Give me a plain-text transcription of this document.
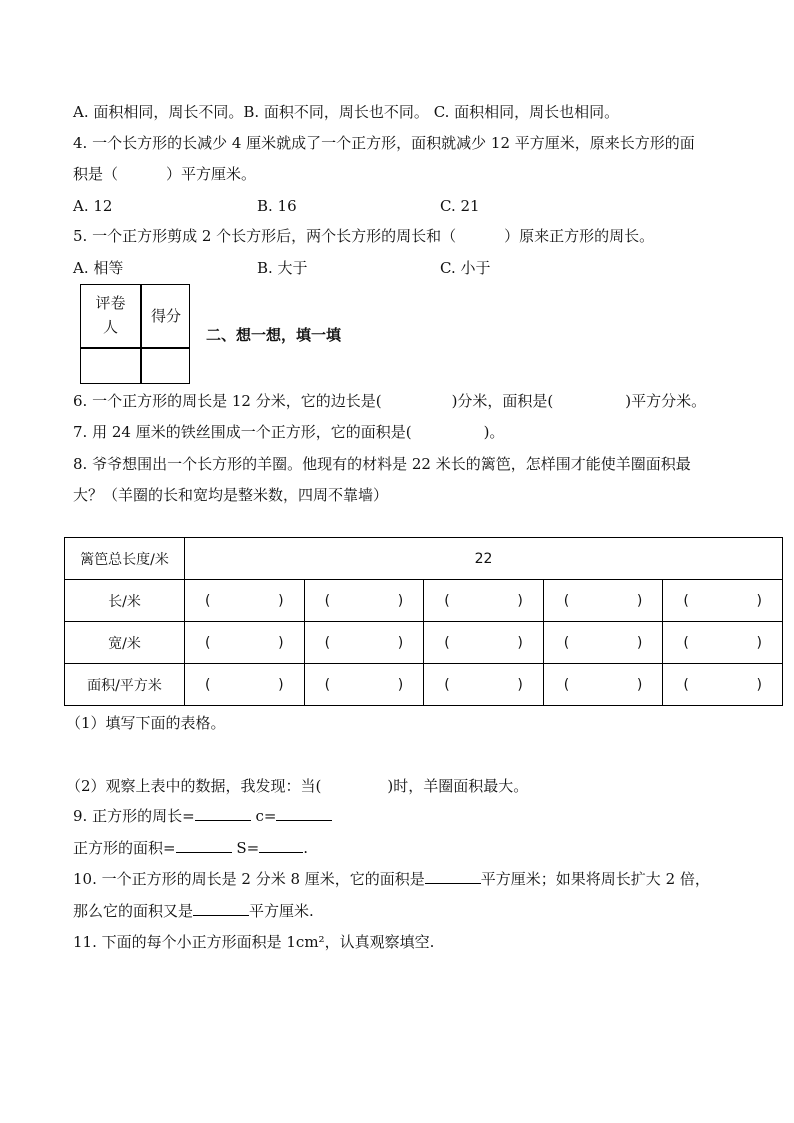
A. 面积相同，周长不同。B. 面积不同，周长也不同。 C. 面积相同，周长也相同。
4. 一个长方形的长减少 4 厘米就成了一个正方形，面积就减少 12 平方厘米，原来长方形的面
积是（	）平方厘米。
A. 12	B. 16	C. 21
5. 一个正方形剪成 2 个长方形后，两个长方形的周长和（	）原来正方形的周长。
A. 相等	B. 大于	C. 小于
评卷
人
得分
二、想一想，填一填
6. 一个正方形的周长是 12 分米，它的边长是(	)分米，面积是(	)平方分米。
7. 用 24 厘米的铁丝围成一个正方形，它的面积是(	)。
8. 爷爷想围出一个长方形的羊圈。他现有的材料是 22 米长的篱笆，怎样围才能使羊圈面积最
大？（羊圈的长和宽均是整米数，四周不靠墙）
篱笆总长度/米	22				
长/米	( )	( )	( )	( )	( )

宽/米	( )	( )	( )	( )	( )

面积/平方米	( )	( )	( )	( )	( )
（1）填写下面的表格。
（2）观察上表中的数据，我发现：当(	)时，羊圈面积最大。
9. 正方形的周长=	c=
正方形的面积=	S=	.
10. 一个正方形的周长是 2 分米 8 厘米，它的面积是	平方厘米；如果将周长扩大 2 倍，
那么它的面积又是	平方厘米.
11. 下面的每个小正方形面积是 1cm²，认真观察填空.
